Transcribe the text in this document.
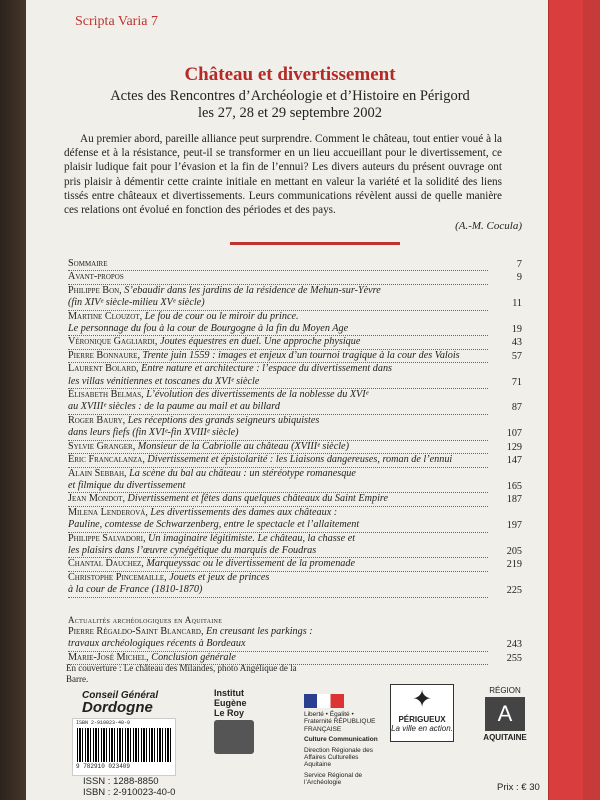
Scripta Varia 7
Château et divertissement
Actes des Rencontres d’Archéologie et d’Histoire en Périgord
les 27, 28 et 29 septembre 2002
Au premier abord, pareille alliance peut surprendre. Comment le château, tout entier voué à la défense et à la résistance, peut-il se transformer en un lieu accueillant pour le divertissement, ce plaisir ludique fait pour l’évasion et la fin de l’ennui? Les divers auteurs du présent ouvrage ont pris plaisir à démentir cette crainte initiale en mettant en valeur la variété et la solidité des liens tissés entre châteaux et divertissements. Leurs communications révèlent aussi de quelle manière ces relations ont évolué en fonction des périodes et des pays.
(A.-M. Cocula)
Sommaire	7
Avant-propos	9
Philippe Bon, S’ebaudir dans les jardins de la résidence de Mehun-sur-Yèvre
(fin XIVᵉ siècle-milieu XVᵉ siècle)	11
Martine Clouzot, Le fou de cour ou le miroir du prince.
Le personnage du fou à la cour de Bourgogne à la fin du Moyen Age	19
Véronique Gagliardi, Joutes équestres en duel. Une approche physique	43
Pierre Bonnaure, Trente juin 1559 : images et enjeux d’un tournoi tragique à la cour des Valois	57
Laurent Bolard, Entre nature et architecture : l’espace du divertissement dans
les villas vénitiennes et toscanes du XVIᵉ siècle	71
Élisabeth Belmas, L’évolution des divertissements de la noblesse du XVIᵉ
au XVIIIᵉ siècles : de la paume au mail et au billard	87
Roger Baury, Les réceptions des grands seigneurs ubiquistes
dans leurs fiefs (fin XVIᵉ-fin XVIIIᵉ siècle)	107
Sylvie Granger, Monsieur de la Cabriolle au château (XVIIIᵉ siècle)	129
Éric Francalanza, Divertissement et épistolarité : les Liaisons dangereuses, roman de l’ennui	147
Alain Sebbah, La scène du bal au château : un stéréotype romanesque
et filmique du divertissement	165
Jean Mondot, Divertissement et fêtes dans quelques châteaux du Saint Empire	187
Milena Lenderová, Les divertissements des dames aux châteaux :
Pauline, comtesse de Schwarzenberg, entre le spectacle et l’allaitement	197
Philippe Salvadori, Un imaginaire légitimiste. Le château, la chasse et
les plaisirs dans l’œuvre cynégétique du marquis de Foudras	205
Chantal Dauchez, Marqueyssac ou le divertissement de la promenade	219
Christophe Pincemaille, Jouets et jeux de princes
à la cour de France (1810-1870)	225
Actualités archéologiques en Aquitaine
Pierre Régaldo-Saint Blancard, En creusant les parkings :
travaux archéologiques récents à Bordeaux	243
Marie-José Michel, Conclusion générale	255
En couverture : Le château des Milandes, photo Angélique de la Barre.
Conseil Général
Dordogne
Institut
Eugène
Le Roy	Liberté • Égalité • Fraternité RÉPUBLIQUE FRANÇAISE
Culture Communication
Direction Régionale des Affaires Culturelles Aquitaine
Service Régional de l’Archéologie
✦
PÉRIGUEUX
La ville en action.
RÉGION
A
AQUITAINE
ISBN 2-910023-40-0
9 782910 023409
ISSN : 1288-8850
ISBN : 2-910023-40-0	Prix : € 30
